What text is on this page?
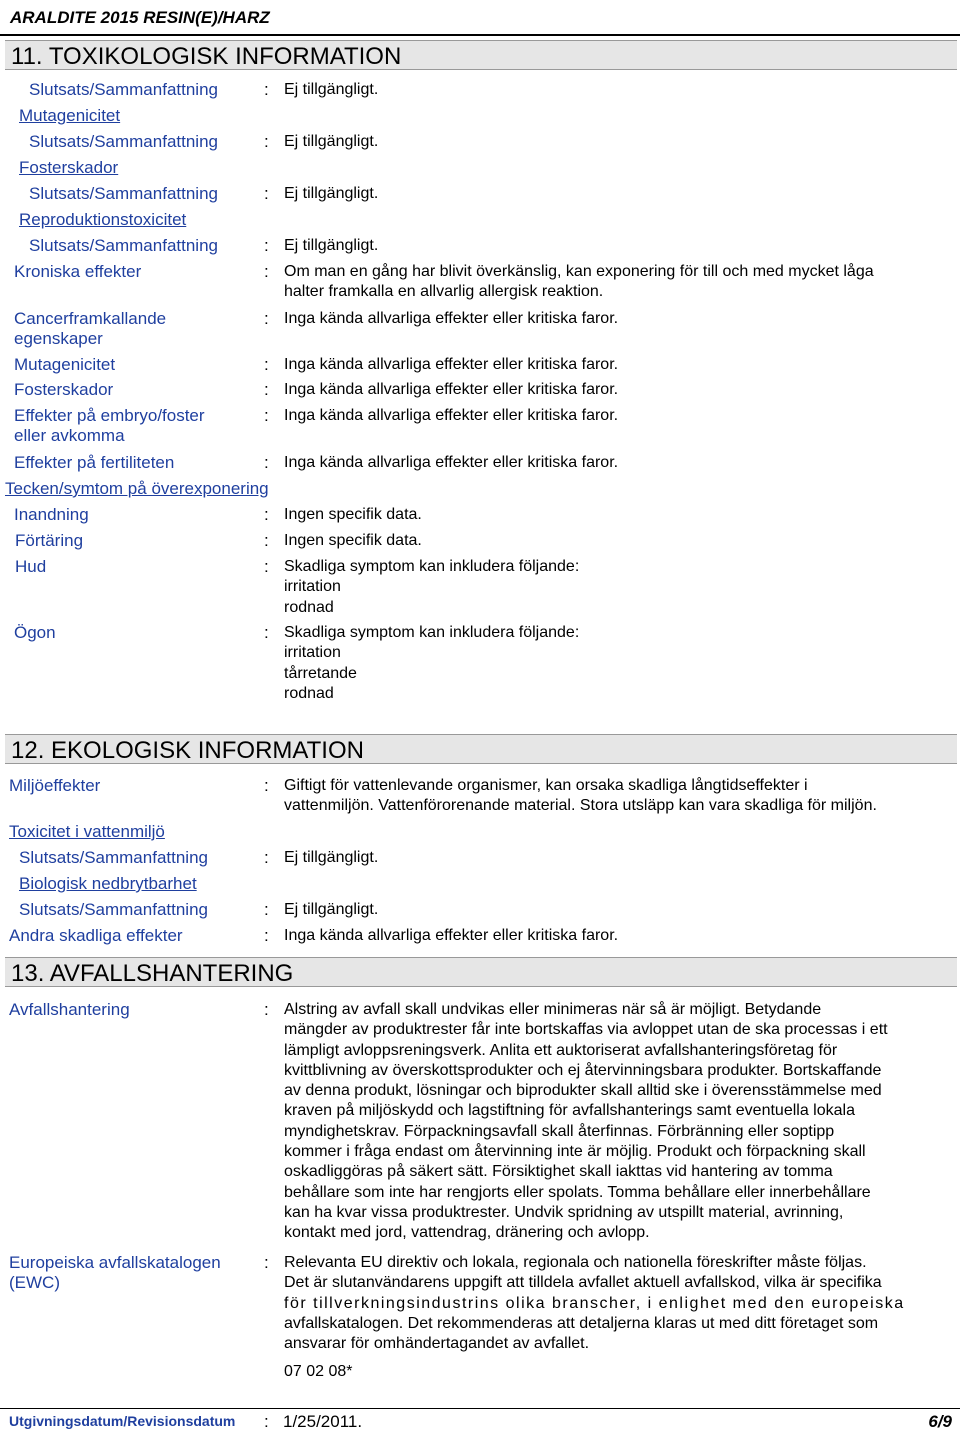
ARALDITE 2015 RESIN(E)/HARZ
11. TOXIKOLOGISK INFORMATION
Slutsats/Sammanfattning	: Ej tillgängligt.
Mutagenicitet
Slutsats/Sammanfattning	: Ej tillgängligt.
Fosterskador
Slutsats/Sammanfattning	: Ej tillgängligt.
Reproduktionstoxicitet
Slutsats/Sammanfattning	: Ej tillgängligt.
Kroniska effekter	: Om man en gång har blivit överkänslig, kan exponering för till och med mycket låga
halter framkalla en allvarlig allergisk reaktion.
Cancerframkallande
egenskaper
: Inga kända allvarliga effekter eller kritiska faror.
Mutagenicitet	: Inga kända allvarliga effekter eller kritiska faror.
Fosterskador	: Inga kända allvarliga effekter eller kritiska faror.
Effekter på embryo/foster
eller avkomma
: Inga kända allvarliga effekter eller kritiska faror.
Effekter på fertiliteten	: Inga kända allvarliga effekter eller kritiska faror.
Tecken/symtom på överexponering
Inandning	: Ingen specifik data.
Förtäring	: Ingen specifik data.
Hud	: Skadliga symptom kan inkludera följande:
irritation
rodnad
Ögon	: Skadliga symptom kan inkludera följande:
irritation
tårretande
rodnad
12. EKOLOGISK INFORMATION
Miljöeffekter	: Giftigt för vattenlevande organismer, kan orsaka skadliga långtidseffekter i
vattenmiljön. Vattenförorenande material. Stora utsläpp kan vara skadliga för miljön.
Toxicitet i vattenmiljö
Slutsats/Sammanfattning	: Ej tillgängligt.
Biologisk nedbrytbarhet
Slutsats/Sammanfattning	: Ej tillgängligt.
Andra skadliga effekter	: Inga kända allvarliga effekter eller kritiska faror.
13. AVFALLSHANTERING
Avfallshantering	: Alstring av avfall skall undvikas eller minimeras när så är möjligt. Betydande
mängder av produktrester får inte bortskaffas via avloppet utan de ska processas i ett
lämpligt avloppsreningsverk. Anlita ett auktoriserat avfallshanteringsföretag för
kvittblivning av överskottsprodukter och ej återvinningsbara produkter. Bortskaffande
av denna produkt, lösningar och biprodukter skall alltid ske i överensstämmelse med
kraven på miljöskydd och lagstiftning för avfallshanterings samt eventuella lokala
myndighetskrav. Förpackningsavfall skall återfinnas. Förbränning eller soptipp
kommer i fråga endast om återvinning inte är möjlig. Produkt och förpackning skall
oskadliggöras på säkert sätt. Försiktighet skall iakttas vid hantering av tomma
behållare som inte har rengjorts eller spolats. Tomma behållare eller innerbehållare
kan ha kvar vissa produktrester. Undvik spridning av utspillt material, avrinning,
kontakt med jord, vattendrag, dränering och avlopp.
Europeiska avfallskatalogen
(EWC)
: Relevanta EU direktiv och lokala, regionala och nationella föreskrifter måste följas.
Det är slutanvändarens uppgift att tilldela avfallet aktuell avfallskod, vilka är specifika
för tillverkningsindustrins olika branscher, i enlighet med den europeiska
avfallskatalogen. Det rekommenderas att detaljerna klaras ut med ditt företaget som
ansvarar för omhändertagandet av avfallet.
07 02 08*
Utgivningsdatum/Revisionsdatum : 1/25/2011.	6/9
